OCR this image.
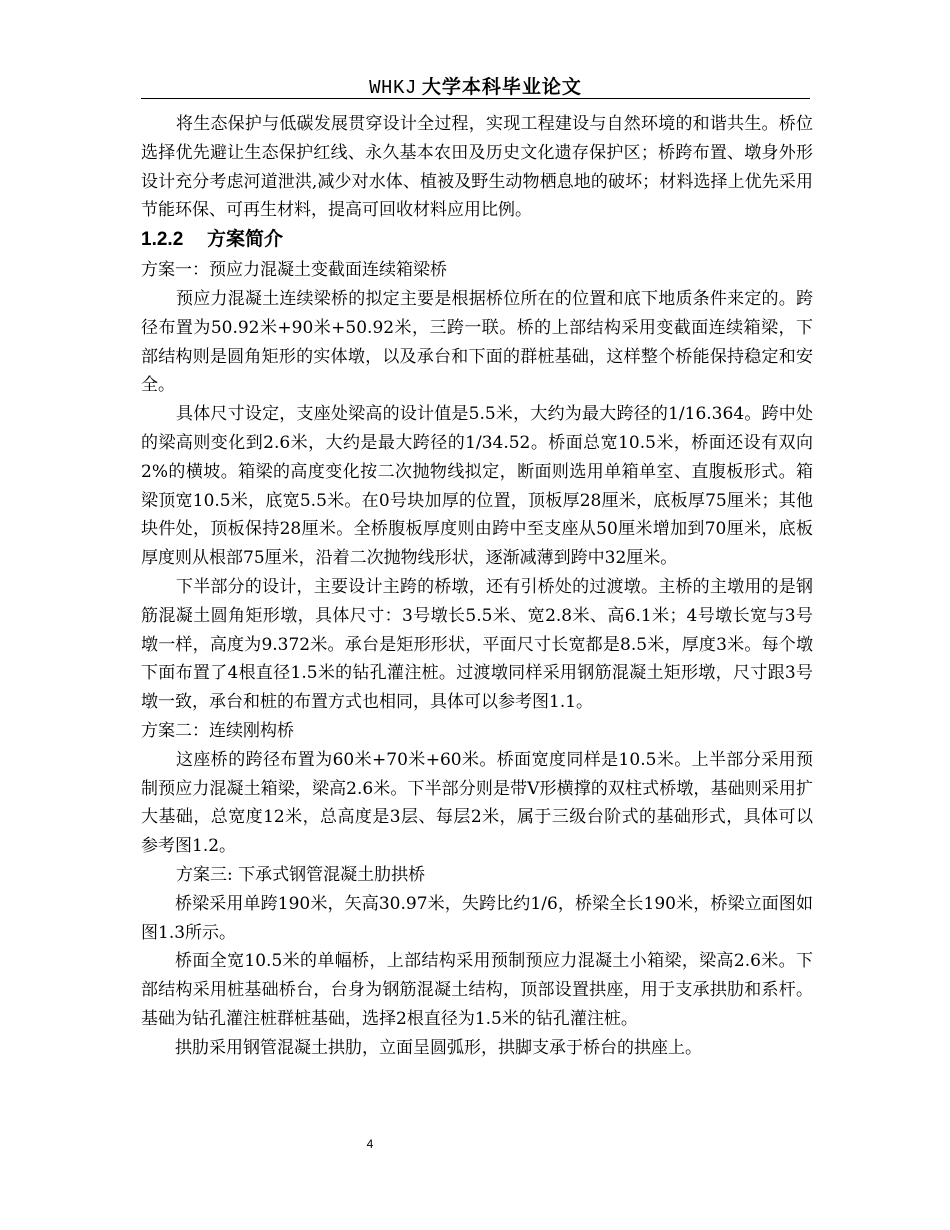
WHKJ 大学本科毕业论文

将生态保护与低碳发展贯穿设计全过程，实现工程建设与自然环境的和谐共生。桥位选择优先避让生态保护红线、永久基本农田及历史文化遗存保护区；桥跨布置、墩身外形设计充分考虑河道泄洪,减少对水体、植被及野生动物栖息地的破坏；材料选择上优先采用节能环保、可再生材料，提高可回收材料应用比例。

1.2.2 方案简介

方案一：预应力混凝土变截面连续箱梁桥

预应力混凝土连续梁桥的拟定主要是根据桥位所在的位置和底下地质条件来定的。跨径布置为50.92米+90米+50.92米，三跨一联。桥的上部结构采用变截面连续箱梁，下部结构则是圆角矩形的实体墩，以及承台和下面的群桩基础，这样整个桥能保持稳定和安全。

具体尺寸设定，支座处梁高的设计值是5.5米，大约为最大跨径的1/16.364。跨中处的梁高则变化到2.6米，大约是最大跨径的1/34.52。桥面总宽10.5米，桥面还设有双向2%的横坡。箱梁的高度变化按二次抛物线拟定，断面则选用单箱单室、直腹板形式。箱梁顶宽10.5米，底宽5.5米。在0号块加厚的位置，顶板厚28厘米，底板厚75厘米；其他块件处，顶板保持28厘米。全桥腹板厚度则由跨中至支座从50厘米增加到70厘米，底板厚度则从根部75厘米，沿着二次抛物线形状，逐渐减薄到跨中32厘米。

下半部分的设计，主要设计主跨的桥墩，还有引桥处的过渡墩。主桥的主墩用的是钢筋混凝土圆角矩形墩，具体尺寸：3号墩长5.5米、宽2.8米、高6.1米；4号墩长宽与3号墩一样，高度为9.372米。承台是矩形形状，平面尺寸长宽都是8.5米，厚度3米。每个墩下面布置了4根直径1.5米的钻孔灌注桩。过渡墩同样采用钢筋混凝土矩形墩，尺寸跟3号墩一致，承台和桩的布置方式也相同，具体可以参考图1.1。

方案二：连续刚构桥

这座桥的跨径布置为60米+70米+60米。桥面宽度同样是10.5米。上半部分采用预制预应力混凝土箱梁，梁高2.6米。下半部分则是带V形横撑的双柱式桥墩，基础则采用扩大基础，总宽度12米，总高度是3层、每层2米，属于三级台阶式的基础形式，具体可以参考图1.2。

方案三: 下承式钢管混凝土肋拱桥

桥梁采用单跨190米，矢高30.97米，失跨比约1/6，桥梁全长190米，桥梁立面图如图1.3所示。

桥面全宽10.5米的单幅桥，上部结构采用预制预应力混凝土小箱梁，梁高2.6米。下部结构采用桩基础桥台，台身为钢筋混凝土结构，顶部设置拱座，用于支承拱肋和系杆。 基础为钻孔灌注桩群桩基础，选择2根直径为1.5米的钻孔灌注桩。

拱肋采用钢管混凝土拱肋，立面呈圆弧形，拱脚支承于桥台的拱座上。

4
